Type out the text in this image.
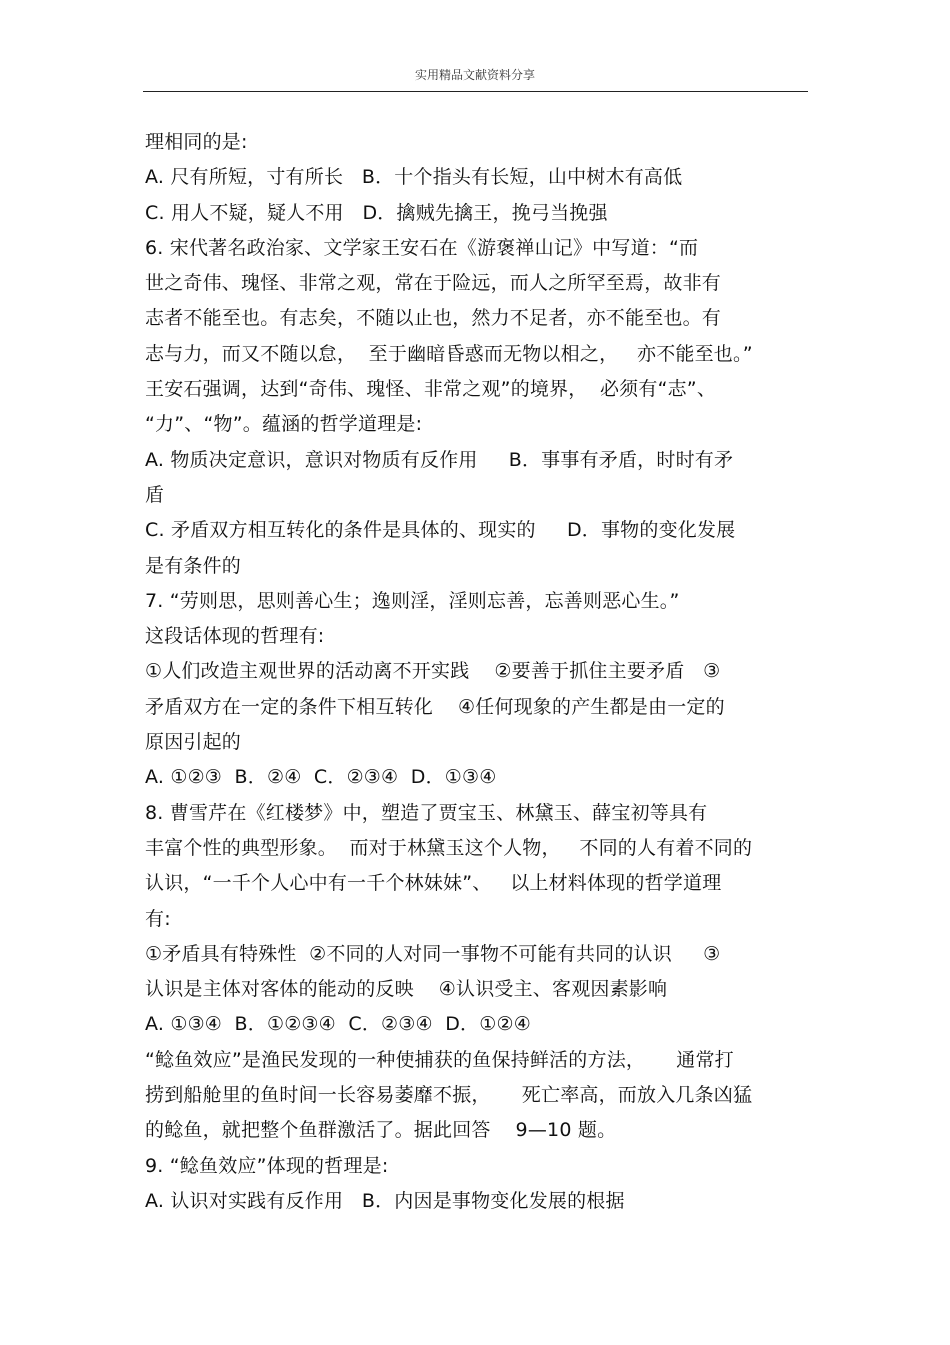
实用精品文献资料分享
理相同的是:
A. 尺有所短，寸有所长   B．十个指头有长短，山中树木有高低
C. 用人不疑，疑人不用   D．擒贼先擒王，挽弓当挽强
6. 宋代著名政治家、文学家王安石在《游褒禅山记》中写道：“而
世之奇伟、瑰怪、非常之观，常在于险远，而人之所罕至焉，故非有
志者不能至也。有志矣，不随以止也，然力不足者，亦不能至也。有
志与力，而又不随以怠，  至于幽暗昏惑而无物以相之，   亦不能至也。”
王安石强调，达到“奇伟、瑰怪、非常之观”的境界，  必须有“志”、
“力”、“物”。蕴涵的哲学道理是:
A. 物质决定意识，意识对物质有反作用     B．事事有矛盾，时时有矛
盾
C. 矛盾双方相互转化的条件是具体的、现实的     D．事物的变化发展
是有条件的
7. “劳则思，思则善心生；逸则淫，淫则忘善，忘善则恶心生。”
这段话体现的哲理有:
①人们改造主观世界的活动离不开实践    ②要善于抓住主要矛盾   ③
矛盾双方在一定的条件下相互转化    ④任何现象的产生都是由一定的
原因引起的
A. ①②③  B．②④  C．②③④  D．①③④
8. 曹雪芹在《红楼梦》中，塑造了贾宝玉、林黛玉、薛宝初等具有
丰富个性的典型形象。  而对于林黛玉这个人物，   不同的人有着不同的
认识，“一千个人心中有一千个林妹妹”、   以上材料体现的哲学道理
有:
①矛盾具有特殊性  ②不同的人对同一事物不可能有共同的认识     ③
认识是主体对客体的能动的反映    ④认识受主、客观因素影响
A. ①③④  B．①②③④  C．②③④  D．①②④
“鲶鱼效应”是渔民发现的一种使捕获的鱼保持鲜活的方法，     通常打
捞到船舱里的鱼时间一长容易萎靡不振，     死亡率高，而放入几条凶猛
的鲶鱼，就把整个鱼群激活了。据此回答    9—10 题。
9. “鲶鱼效应”体现的哲理是:
A. 认识对实践有反作用   B．内因是事物变化发展的根据
